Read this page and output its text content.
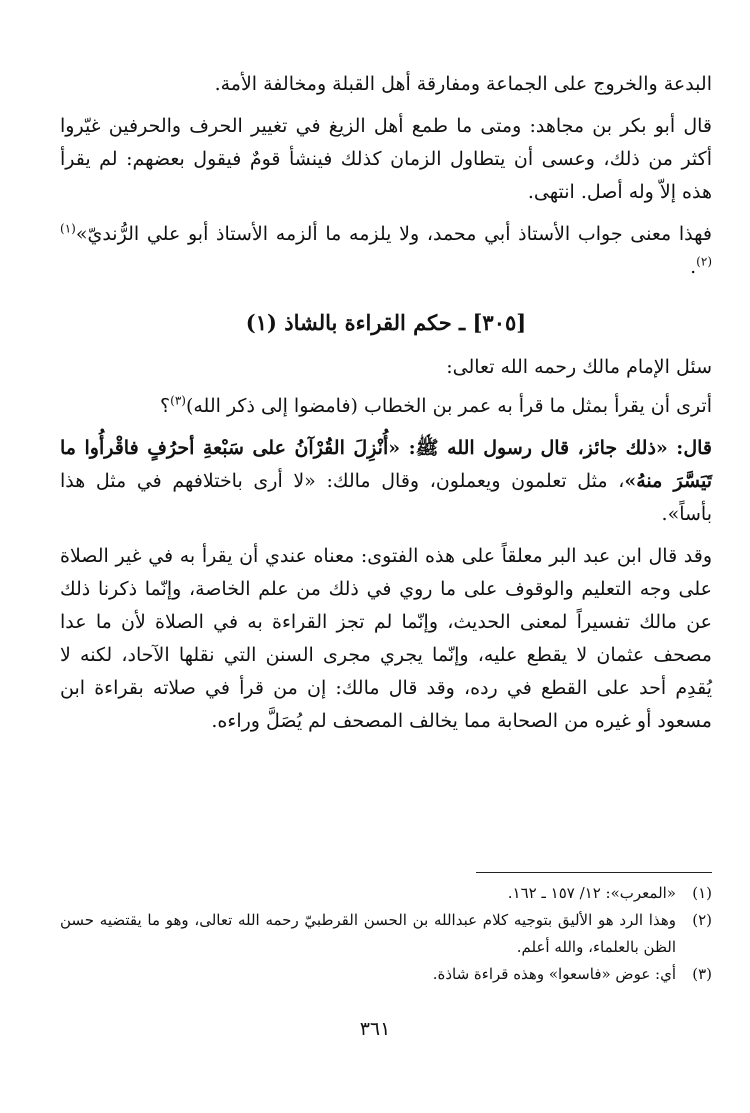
البدعة والخروج على الجماعة ومفارقة أهل القبلة ومخالفة الأمة.

قال أبو بكر بن مجاهد: ومتى ما طمع أهل الزيغ في تغيير الحرف والحرفين غيّروا أكثر من ذلك، وعسى أن يتطاول الزمان كذلك فينشأ قومٌ فيقول بعضهم: لم يقرأ هذه إلاّ وله أصل. انتهى.

فهذا معنى جواب الأستاذ أبي محمد، ولا يلزمه ما ألزمه الأستاذ أبو علي الرُّنديّ»$^{(١)(٢)}$.

[٣٠٥] ـ حكم القراءة بالشاذ (١)

سئل الإمام مالك رحمه الله تعالى:

أترى أن يقرأ بمثل ما قرأ به عمر بن الخطاب (فامضوا إلى ذكر الله)$^{(٣)}$؟

قال: «ذلك جائز، قال رسول الله ﷺ: «أُنْزِلَ القُرْآنُ على سَبْعةِ أحرُفٍ فاقْرأُوا ما تَيَسَّرَ منهُ»، مثل تعلمون ويعملون، وقال مالك: «لا أرى باختلافهم في مثل هذا بأساً».

وقد قال ابن عبد البر معلقاً على هذه الفتوى: معناه عندي أن يقرأ به في غير الصلاة على وجه التعليم والوقوف على ما روي في ذلك من علم الخاصة، وإنّما ذكرنا ذلك عن مالك تفسيراً لمعنى الحديث، وإنّما لم تجز القراءة به في الصلاة لأن ما عدا مصحف عثمان لا يقطع عليه، وإنّما يجري مجرى السنن التي نقلها الآحاد، لكنه لا يُقدِم أحد على القطع في رده، وقد قال مالك: إن من قرأ في صلاته بقراءة ابن مسعود أو غيره من الصحابة مما يخالف المصحف لم يُصَلَّ وراءه.

(١)
«المعرب»: ١٢/ ١٥٧ ـ ١٦٢.
(٢)
وهذا الرد هو الأليق بتوجيه كلام عبدالله بن الحسن القرطبيّ رحمه الله تعالى، وهو ما يقتضيه حسن الظن بالعلماء، والله أعلم.
(٣)
أي: عوض «فاسعوا» وهذه قراءة شاذة.
٣٦١
